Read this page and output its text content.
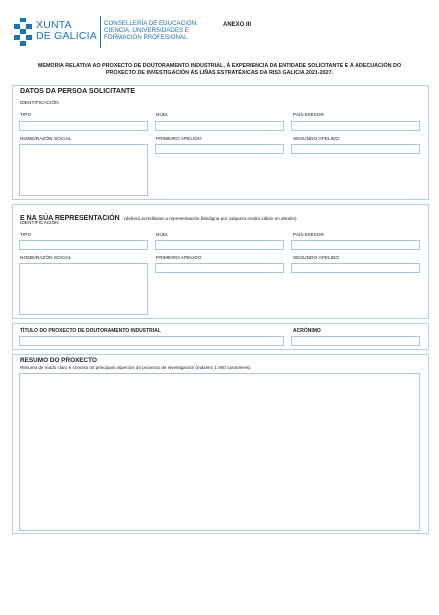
XUNTA
DE GALICIA
CONSELLERÍA DE EDUCACIÓN,
CIENCIA, UNIVERSIDADES E
FORMACIÓN PROFESIONAL
ANEXO III
MEMORIA RELATIVA AO PROXECTO DE DOUTORAMENTO INDUSTRIAL, Á EXPERIENCIA DA ENTIDADE SOLICITANTE E Á ADECUACIÓN DO
PROXECTO DE INVESTIGACIÓN ÁS LIÑAS ESTRATÉXICAS DA RIS3 GALICIA 2021-2027.
DATOS DA PERSOA SOLICITANTE
IDENTIFICACIÓN
TIPO	NÚM.	PAÍS EMISOR
NOME/RAZÓN SOCIAL	PRIMEIRO APELIDO	SEGUNDO APELIDO
E NA SÚA REPRESENTACIÓN (deberá acreditarse a representación fidedigna por calquera medio válido en dereito)
IDENTIFICACIÓN
TIPO	NÚM.	PAÍS EMISOR
NOME/RAZÓN SOCIAL	PRIMEIRO APELIDO	SEGUNDO APELIDO
TÍTULO DO PROXECTO DE DOUTORAMENTO INDUSTRIAL	ACRÓNIMO
RESUMO DO PROXECTO
Resuma de modo claro e conciso os principais aspectos do proxecto de investigación (máximo 1.000 caracteres).
